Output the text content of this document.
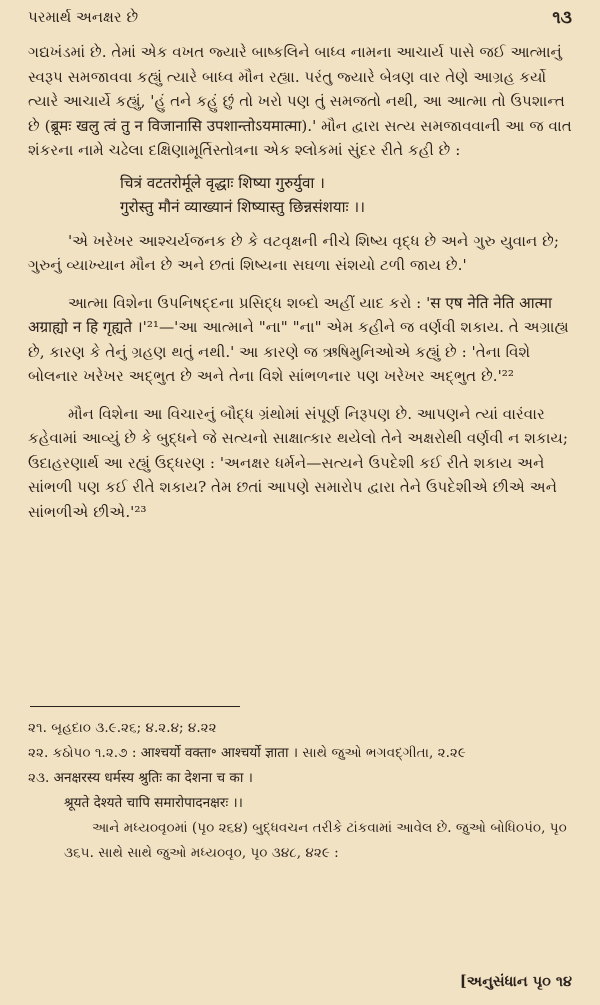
પરમાર્થ અનક્ષર છે	૧૩

ગદ્યખંડમાં છે. તેમાં એક વખત જ્યારે બાષ્કલિને બાધ્વ નામના આચાર્ય પાસે જઈ આત્માનું સ્વરૂપ સમજાવવા કહ્યું ત્યારે બાધ્વ મૌન રહ્યા. પરંતુ જ્યારે બેત્રણ વાર તેણે આગ્રહ કર્યો ત્યારે આચાર્યે કહ્યું, 'હું તને કહું છું તો ખરો પણ તું સમજતો નથી, આ આત્મા તો ઉપશાન્ત છે (ब्रूमः खलु त्वं तु न विजानासि उपशान्तोऽयमात्मा).' મૌન દ્વારા સત્ય સમજાવવાની આ જ વાત શંકરના નામે ચઢેલા દક્ષિણામૂર્તિસ્તોત્રના એક શ્લોકમાં સુંદર રીતે કહી છે :

चित्रं वटतरोर्मूले वृद्धाः शिष्या गुरुर्युवा ।
गुरोस्तु मौनं व्याख्यानं शिष्यास्तु छिन्नसंशयाः ।।

'એ ખરેખર આશ્ચર્યજનક છે કે વટવૃક્ષની નીચે શિષ્ય વૃદ્ધ છે અને ગુરુ યુવાન છે; ગુરુનું વ્યાખ્યાન મૌન છે અને છતાં શિષ્યના સઘળા સંશયો ટળી જાય છે.'

આત્મા વિશેના ઉપનિષદ્દના પ્રસિદ્ધ શબ્દો અહીં યાદ કરો : 'स एष नेति नेति आत्मा अग्राह्यो न हि गृह्यते ।'²¹—'આ આત્માને "ના" "ના" એમ કહીને જ વર્ણવી શકાય. તે અગ્રાહ્ય છે, કારણ કે તેનું ગ્રહણ થતું નથી.' આ કારણે જ ઋષિમુનિઓએ કહ્યું છે : 'તેના વિશે બોલનાર ખરેખર અદ્ભુત છે અને તેના વિશે સાંભળનાર પણ ખરેખર અદ્ભુત છે.'²²

મૌન વિશેના આ વિચારનું બૌદ્ધ ગ્રંથોમાં સંપૂર્ણ નિરૂપણ છે. આપણને ત્યાં વારંવાર કહેવામાં આવ્યું છે કે બુદ્ધને જે સત્યનો સાક્ષાત્કાર થયેલો તેને અક્ષરોથી વર્ણવી ન શકાય; ઉદાહરણાર્થ આ રહ્યું ઉદ્ધરણ : 'અનક્ષર ધર્મને—સત્યને ઉપદેશી કઈ રીતે શકાય અને સાંભળી પણ કઈ રીતે શકાય? તેમ છતાં આપણે સમારોપ દ્વારા તેને ઉપદેશીએ છીએ અને સાંભળીએ છીએ.'²³

૨૧. બૃહદા૦ ૩.૯.૨૬; ૪.૨.૪; ૪.૨૨
૨૨. કઠોપ૦ ૧.૨.૭ : आश्चर्यो वक्ता॰ आश्चर्यो ज्ञाता । સાથે જુઓ ભગવદ્ગીતા, ૨.૨૯
૨૩. अनक्षरस्य धर्मस्य श्रुतिः का देशना च का ।
श्रूयते देश्यते चापि समारोपादनक्षरः ।।
આને મધ્ય૦વૃ૦માં (પૃ૦ ૨૬૪) બુદ્ધવચન તરીકે ટાંકવામાં આવેલ છે. જુઓ બોધિ૦પં૦, પૃ૦ ૩૬૫. સાથે સાથે જુઓ મધ્ય૦વૃ૦, પૃ૦ ૩૪૮, ૪૨૯ :
[અનુસંધાન પૃ૦ ૧૪
